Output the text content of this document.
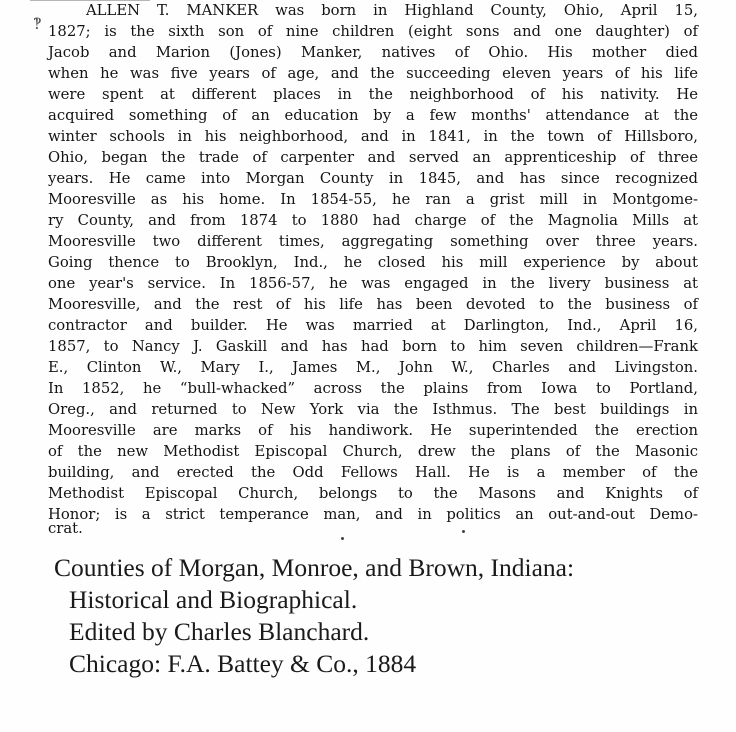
‽

ALLEN T. MANKER was born in Highland County, Ohio, April 15,

1827; is the sixth son of nine children (eight sons and one daughter) of

Jacob and Marion (Jones) Manker, natives of Ohio. His mother died

when he was five years of age, and the succeeding eleven years of his life

were spent at different places in the neighborhood of his nativity. He

acquired something of an education by a few months' attendance at the

winter schools in his neighborhood, and in 1841, in the town of Hillsboro,

Ohio, began the trade of carpenter and served an apprenticeship of three

years. He came into Morgan County in 1845, and has since recognized

Mooresville as his home. In 1854-55, he ran a grist mill in Montgome-

ry County, and from 1874 to 1880 had charge of the Magnolia Mills at

Mooresville two different times, aggregating something over three years.

Going thence to Brooklyn, Ind., he closed his mill experience by about

one year's service. In 1856-57, he was engaged in the livery business at

Mooresville, and the rest of his life has been devoted to the business of

contractor and builder. He was married at Darlington, Ind., April 16,

1857, to Nancy J. Gaskill and has had born to him seven children—Frank

E., Clinton W., Mary I., James M., John W., Charles and Livingston.

In 1852, he “bull-whacked” across the plains from Iowa to Portland,

Oreg., and returned to New York via the Isthmus. The best buildings in

Mooresville are marks of his handiwork. He superintended the erection

of the new Methodist Episcopal Church, drew the plans of the Masonic

building, and erected the Odd Fellows Hall. He is a member of the

Methodist Episcopal Church, belongs to the Masons and Knights of

Honor; is a strict temperance man, and in politics an out-and-out Demo-

crat.

Counties of Morgan, Monroe, and Brown, Indiana:

Historical and Biographical.

Edited by Charles Blanchard.

Chicago: F.A. Battey & Co., 1884
